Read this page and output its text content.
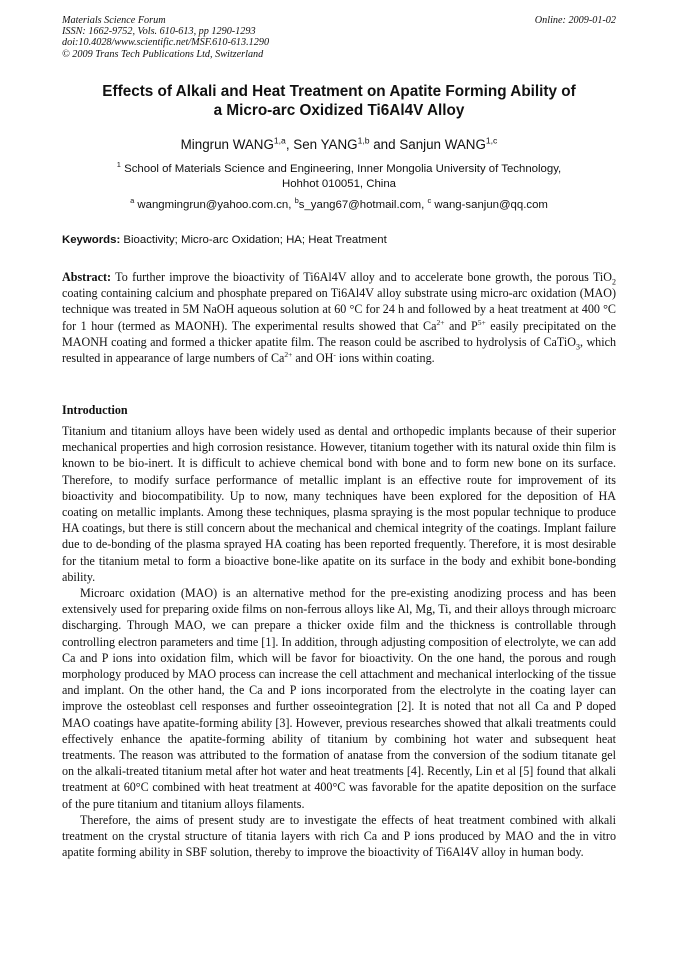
Materials Science Forum
ISSN: 1662-9752, Vols. 610-613, pp 1290-1293
doi:10.4028/www.scientific.net/MSF.610-613.1290
© 2009 Trans Tech Publications Ltd, Switzerland
Online: 2009-01-02
Effects of Alkali and Heat Treatment on Apatite Forming Ability of
a Micro-arc Oxidized Ti6Al4V Alloy
Mingrun WANG$^{1,a}$, Sen YANG$^{1,b}$ and Sanjun WANG$^{1,c}$
$^1$ School of Materials Science and Engineering, Inner Mongolia University of Technology,
Hohhot 010051, China
$^a$ wangmingrun@yahoo.com.cn, $^b$s_yang67@hotmail.com, $^c$ wang-sanjun@qq.com
Keywords: Bioactivity; Micro-arc Oxidation; HA; Heat Treatment
Abstract: To further improve the bioactivity of Ti6Al4V alloy and to accelerate bone growth, the porous TiO$_2$ coating containing calcium and phosphate prepared on Ti6Al4V alloy substrate using micro-arc oxidation (MAO) technique was treated in 5M NaOH aqueous solution at 60 °C for 24 h and followed by a heat treatment at 400 °C for 1 hour (termed as MAONH). The experimental results showed that $Ca^{2+}$ and $P^{5+}$ easily precipitated on the MAONH coating and formed a thicker apatite film. The reason could be ascribed to hydrolysis of CaTiO$_3$, which resulted in appearance of large numbers of $Ca^{2+}$ and OH- ions within coating.
Introduction

Titanium and titanium alloys have been widely used as dental and orthopedic implants because of their superior mechanical properties and high corrosion resistance. However, titanium together with its natural oxide thin film is known to be bio-inert. It is difficult to achieve chemical bond with bone and to form new bone on its surface. Therefore, to modify surface performance of metallic implant is an effective route for improvement of its bioactivity and biocompatibility. Up to now, many techniques have been explored for the deposition of HA coating on metallic implants. Among these techniques, plasma spraying is the most popular technique to produce HA coatings, but there is still concern about the mechanical and chemical integrity of the coatings. Implant failure due to de-bonding of the plasma sprayed HA coating has been reported frequently. Therefore, it is most desirable for the titanium metal to form a bioactive bone-like apatite on its surface in the body and exhibit bone-bonding ability.

Microarc oxidation (MAO) is an alternative method for the pre-existing anodizing process and has been extensively used for preparing oxide films on non-ferrous alloys like Al, Mg, Ti, and their alloys through microarc discharging. Through MAO, we can prepare a thicker oxide film and the thickness is controllable through controlling electron parameters and time [1]. In addition, through adjusting composition of electrolyte, we can add Ca and P ions into oxidation film, which will be favor for bioactivity. On the one hand, the porous and rough morphology produced by MAO process can increase the cell attachment and mechanical interlocking of the tissue and implant. On the other hand, the Ca and P ions incorporated from the electrolyte in the coating layer can improve the osteoblast cell responses and further osseointegration [2]. It is noted that not all Ca and P doped MAO coatings have apatite-forming ability [3]. However, previous researches showed that alkali treatments could effectively enhance the apatite-forming ability of titanium by combining hot water and subsequent heat treatments. The reason was attributed to the formation of anatase from the conversion of the sodium titanate gel on the alkali-treated titanium metal after hot water and heat treatments [4]. Recently, Lin et al [5] found that alkali treatment at 60°C combined with heat treatment at 400°C was favorable for the apatite deposition on the surface of the pure titanium and titanium alloys filaments.

Therefore, the aims of present study are to investigate the effects of heat treatment combined with alkali treatment on the crystal structure of titania layers with rich Ca and P ions produced by MAO and the in vitro apatite forming ability in SBF solution, thereby to improve the bioactivity of Ti6Al4V alloy in human body.
